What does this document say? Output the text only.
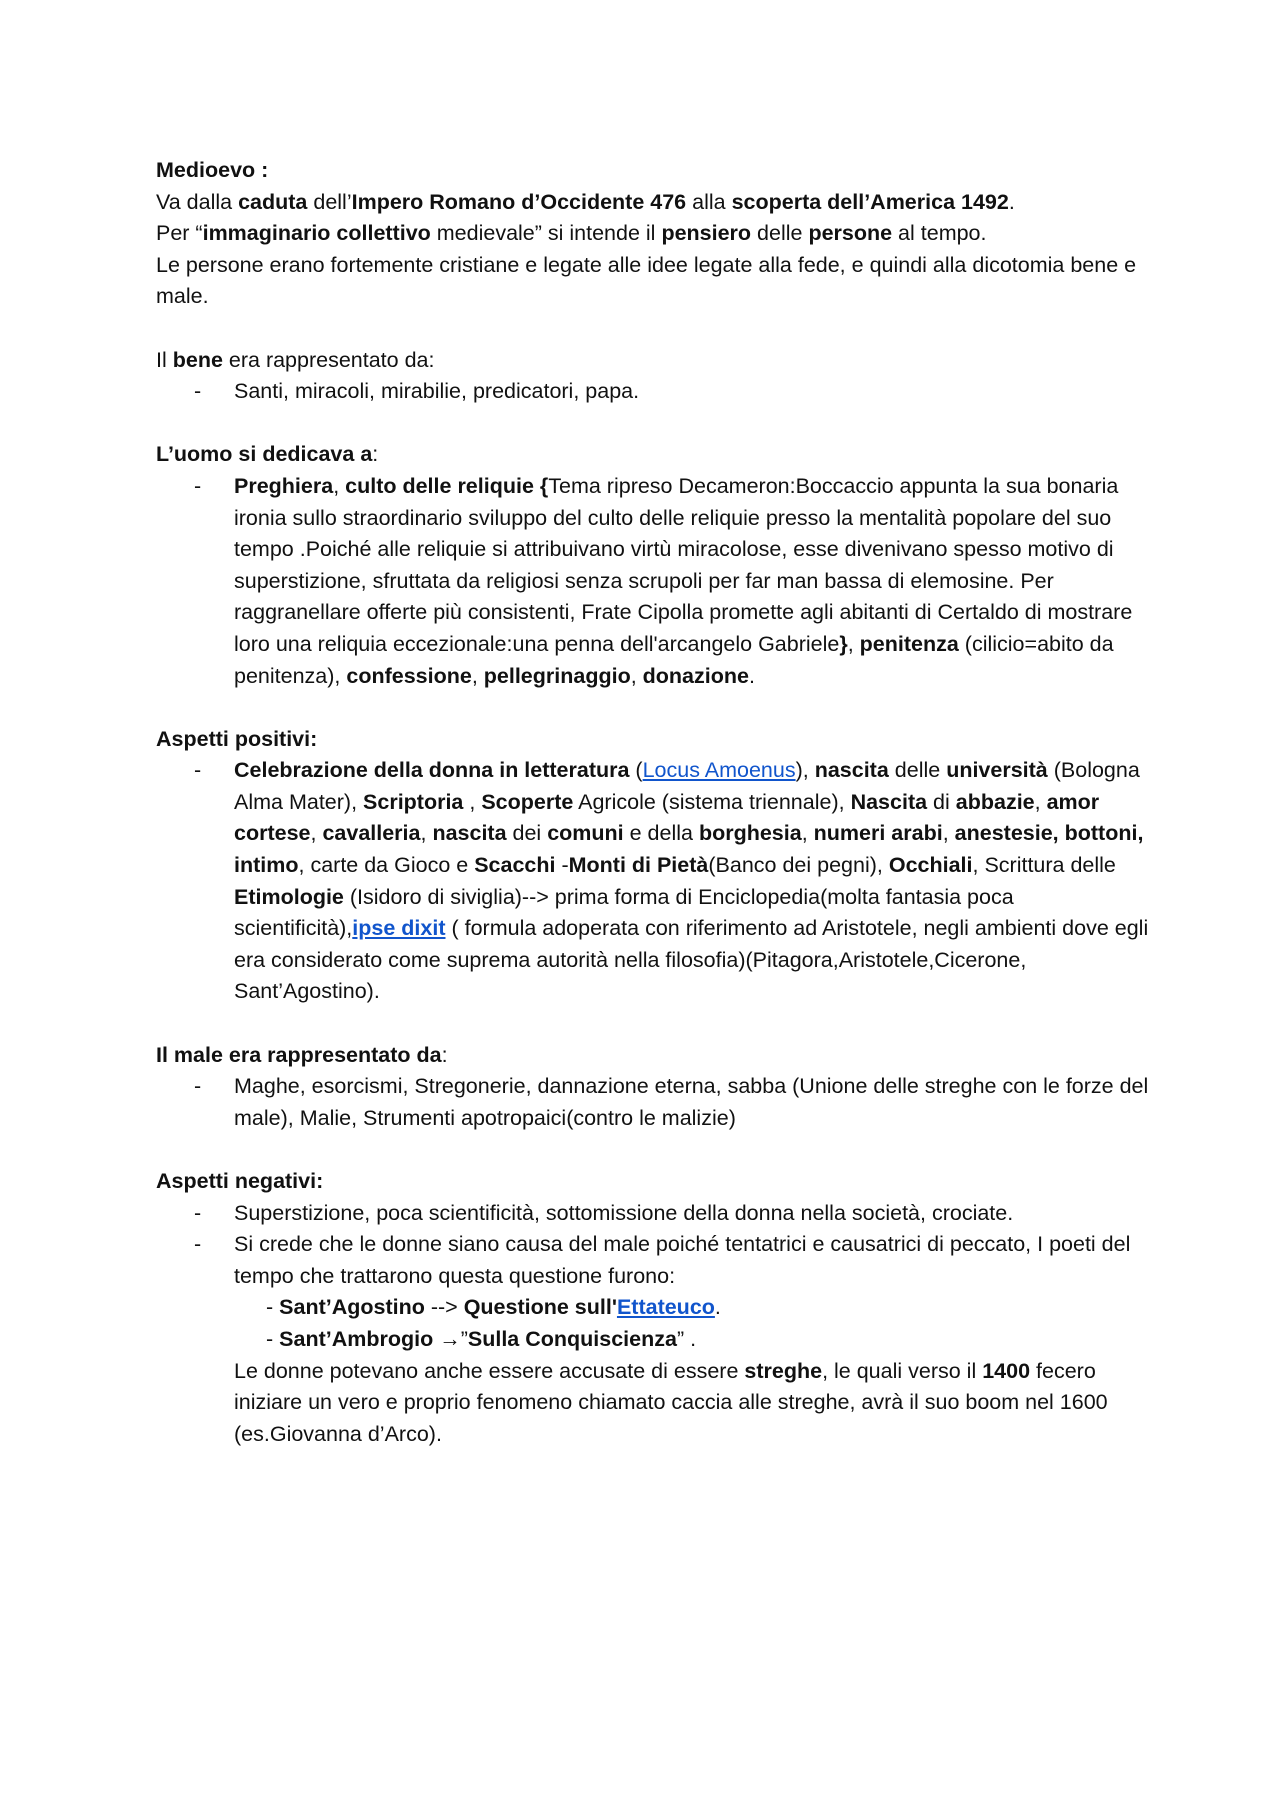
Medioevo :

Va dalla caduta dell’Impero Romano d’Occidente 476 alla scoperta dell’America 1492.

Per “immaginario collettivo medievale” si intende il pensiero delle persone al tempo.

Le persone erano fortemente cristiane e legate alle idee legate alla fede, e quindi alla dicotomia bene e male.

Il bene era rappresentato da:

- Santi, miracoli, mirabilie, predicatori, papa.

L’uomo si dedicava a:

- Preghiera, culto delle reliquie {Tema ripreso Decameron:Boccaccio appunta la sua bonaria ironia sullo straordinario sviluppo del culto delle reliquie presso la mentalità popolare del suo tempo .Poiché alle reliquie si attribuivano virtù miracolose, esse divenivano spesso motivo di superstizione, sfruttata da religiosi senza scrupoli per far man bassa di elemosine. Per raggranellare offerte più consistenti, Frate Cipolla promette agli abitanti di Certaldo di mostrare loro una reliquia eccezionale:una penna dell'arcangelo Gabriele}, penitenza (cilicio=abito da penitenza), confessione, pellegrinaggio, donazione.

Aspetti positivi:

- Celebrazione della donna in letteratura (Locus Amoenus), nascita delle università (Bologna Alma Mater), Scriptoria , Scoperte Agricole (sistema triennale), Nascita di abbazie, amor cortese, cavalleria, nascita dei comuni e della borghesia, numeri arabi, anestesie, bottoni, intimo, carte da Gioco e Scacchi -Monti di Pietà(Banco dei pegni), Occhiali, Scrittura delle Etimologie (Isidoro di siviglia)--> prima forma di Enciclopedia(molta fantasia poca scientificità),ipse dixit ( formula adoperata con riferimento ad Aristotele, negli ambienti dove egli era considerato come suprema autorità nella filosofia)(Pitagora,Aristotele,Cicerone, Sant’Agostino).

Il male era rappresentato da:

- Maghe, esorcismi, Stregonerie, dannazione eterna, sabba (Unione delle streghe con le forze del male), Malie, Strumenti apotropaici(contro le malizie)

Aspetti negativi:

- Superstizione, poca scientificità, sottomissione della donna nella società, crociate.
- Si crede che le donne siano causa del male poiché tentatrici e causatrici di peccato, I poeti del tempo che trattarono questa questione furono:
- Sant’Agostino --> Questione sull'Ettateuco.
- Sant’Ambrogio →”Sulla Conquiscienza” .
Le donne potevano anche essere accusate di essere streghe, le quali verso il 1400 fecero iniziare un vero e proprio fenomeno chiamato caccia alle streghe, avrà il suo boom nel 1600 (es.Giovanna d’Arco).
